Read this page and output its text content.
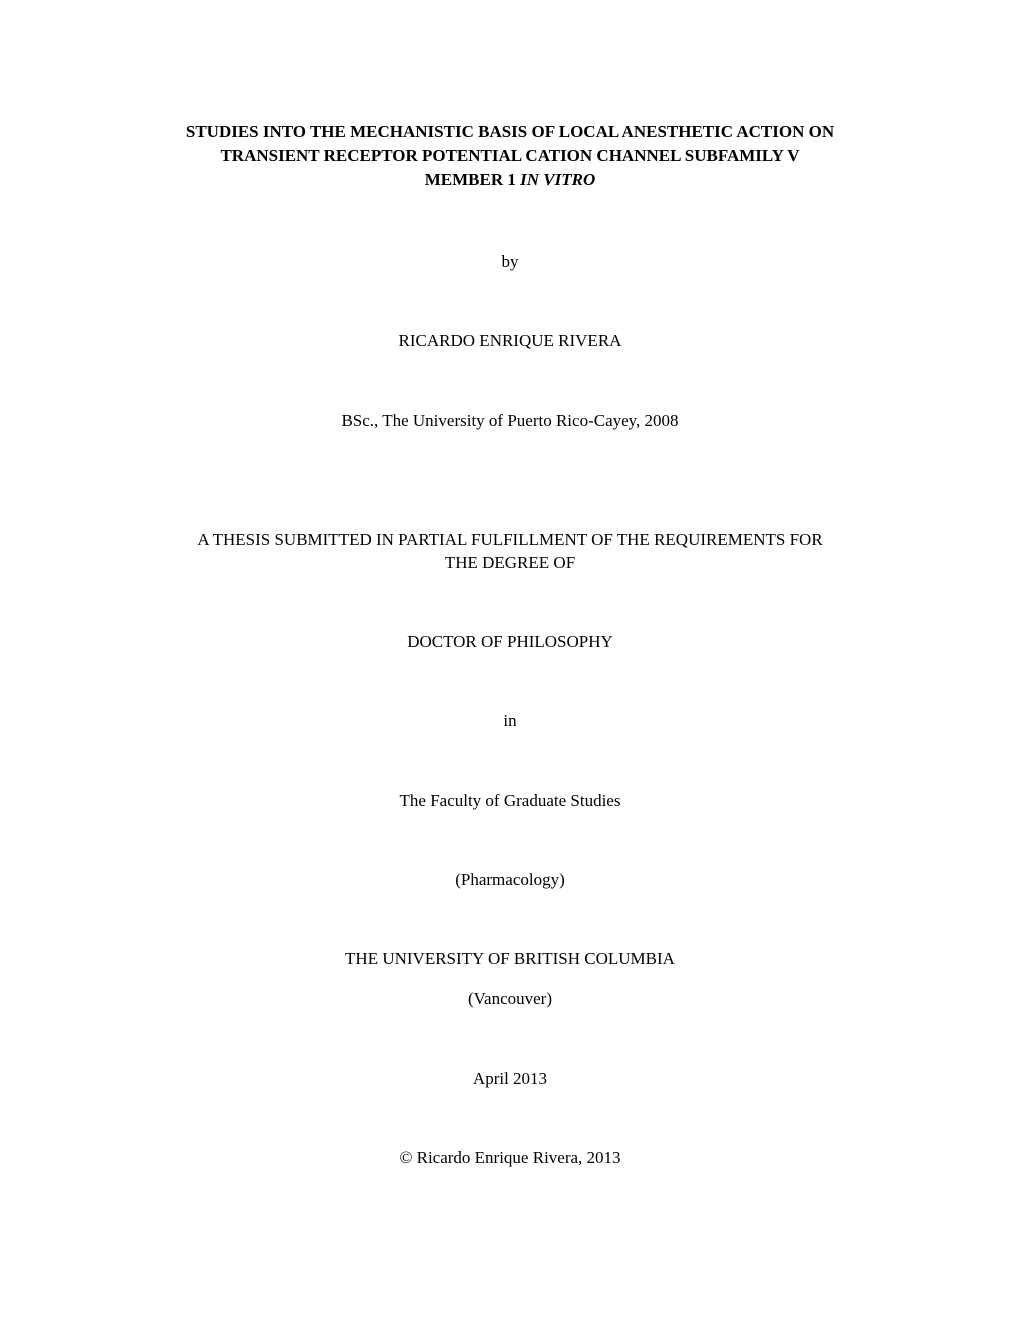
STUDIES INTO THE MECHANISTIC BASIS OF LOCAL ANESTHETIC ACTION ON
TRANSIENT RECEPTOR POTENTIAL CATION CHANNEL SUBFAMILY V
MEMBER 1 IN VITRO
by
RICARDO ENRIQUE RIVERA
BSc., The University of Puerto Rico-Cayey, 2008
A THESIS SUBMITTED IN PARTIAL FULFILLMENT OF THE REQUIREMENTS FOR
THE DEGREE OF
DOCTOR OF PHILOSOPHY
in
The Faculty of Graduate Studies
(Pharmacology)
THE UNIVERSITY OF BRITISH COLUMBIA
(Vancouver)
April 2013
© Ricardo Enrique Rivera, 2013
